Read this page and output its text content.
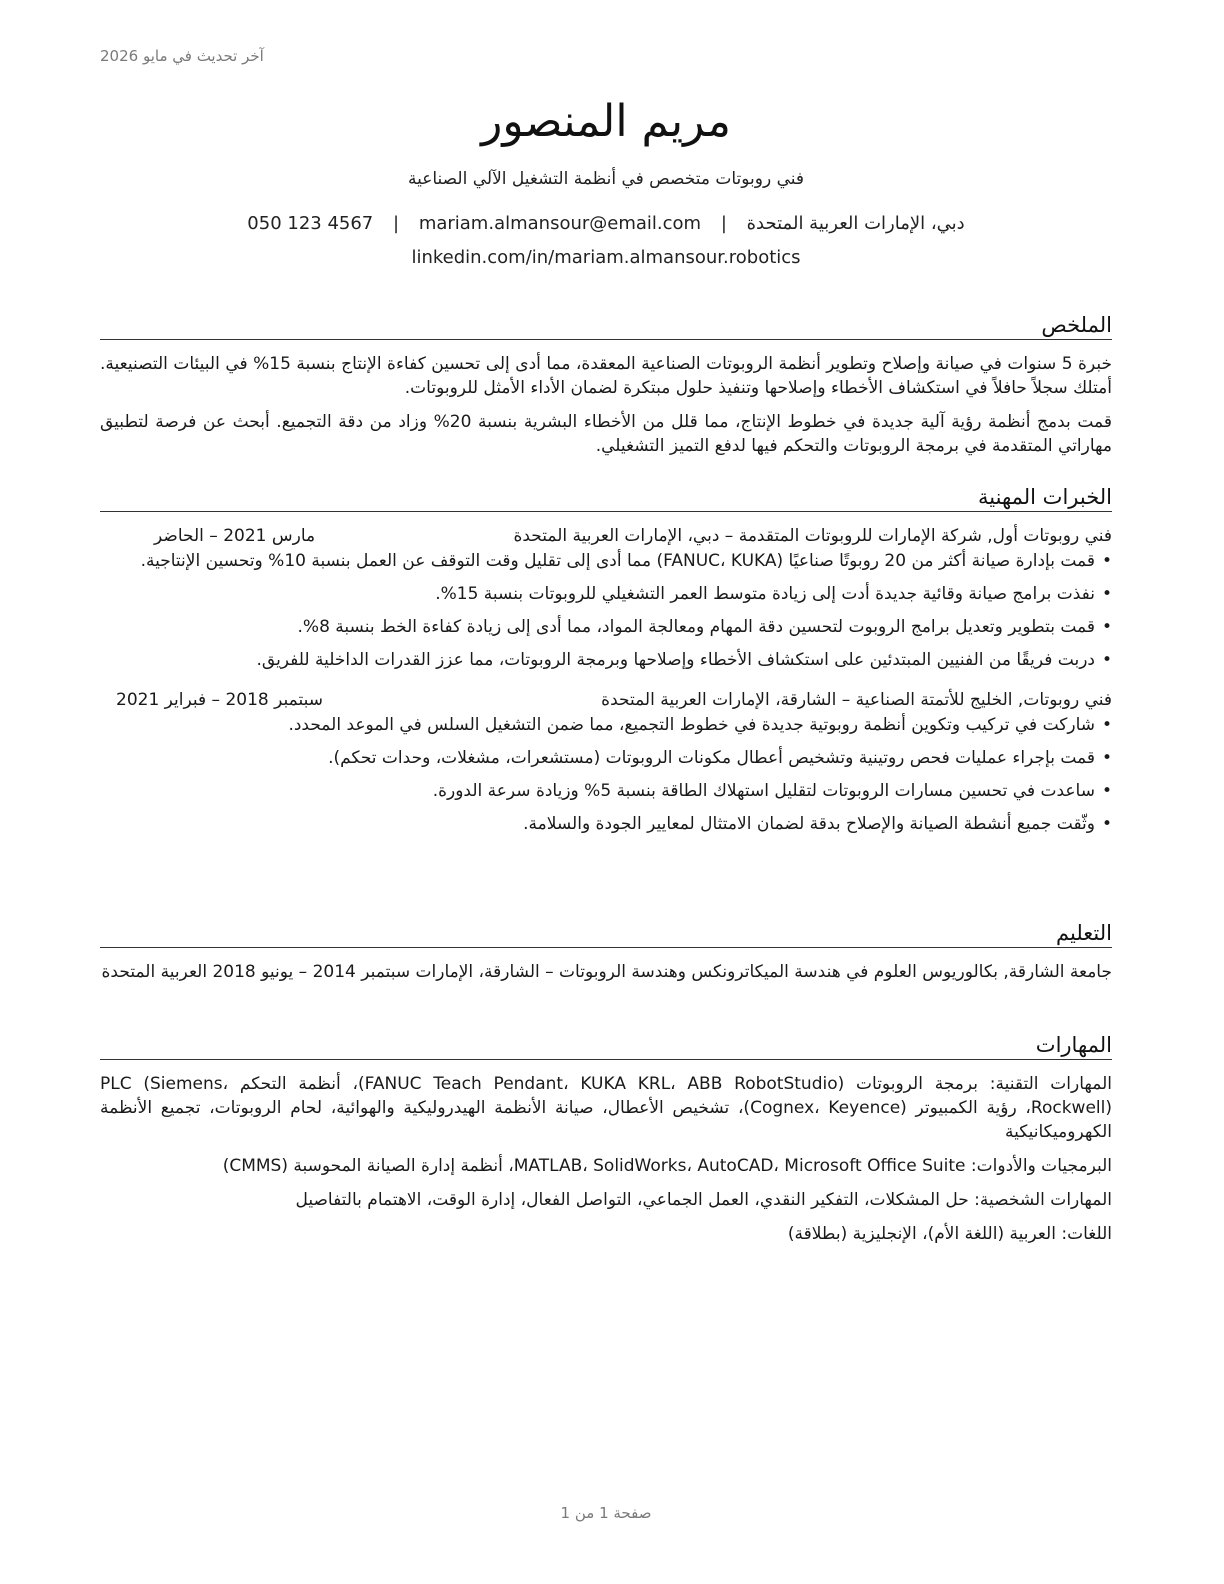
آخر تحديث في مايو 2026
مريم المنصور
فني روبوتات متخصص في أنظمة التشغيل الآلي الصناعية
دبي، الإمارات العربية المتحدة | mariam.almansour@email.com | 050 123 4567
linkedin.com/in/mariam.almansour.robotics
الملخص

خبرة 5 سنوات في صيانة وإصلاح وتطوير أنظمة الروبوتات الصناعية المعقدة، مما أدى إلى تحسين كفاءة الإنتاج بنسبة 15% في البيئات التصنيعية. أمتلك سجلاً حافلاً في استكشاف الأخطاء وإصلاحها وتنفيذ حلول مبتكرة لضمان الأداء الأمثل للروبوتات.

قمت بدمج أنظمة رؤية آلية جديدة في خطوط الإنتاج، مما قلل من الأخطاء البشرية بنسبة 20% وزاد من دقة التجميع. أبحث عن فرصة لتطبيق مهاراتي المتقدمة في برمجة الروبوتات والتحكم فيها لدفع التميز التشغيلي.

الخبرات المهنية
فني روبوتات أول, شركة الإمارات للروبوتات المتقدمة – دبي، الإمارات العربية المتحدة
مارس 2021 – الحاضر
• قمت بإدارة صيانة أكثر من 20 روبوتًا صناعيًا (FANUC، KUKA) مما أدى إلى تقليل وقت التوقف عن العمل بنسبة 10% وتحسين الإنتاجية.
• نفذت برامج صيانة وقائية جديدة أدت إلى زيادة متوسط العمر التشغيلي للروبوتات بنسبة 15%.
• قمت بتطوير وتعديل برامج الروبوت لتحسين دقة المهام ومعالجة المواد، مما أدى إلى زيادة كفاءة الخط بنسبة 8%.
• دربت فريقًا من الفنيين المبتدئين على استكشاف الأخطاء وإصلاحها وبرمجة الروبوتات، مما عزز القدرات الداخلية للفريق.
فني روبوتات, الخليج للأتمتة الصناعية – الشارقة، الإمارات العربية المتحدة
سبتمبر 2018 – فبراير 2021
• شاركت في تركيب وتكوين أنظمة روبوتية جديدة في خطوط التجميع، مما ضمن التشغيل السلس في الموعد المحدد.
• قمت بإجراء عمليات فحص روتينية وتشخيص أعطال مكونات الروبوتات (مستشعرات، مشغلات، وحدات تحكم).
• ساعدت في تحسين مسارات الروبوتات لتقليل استهلاك الطاقة بنسبة 5% وزيادة سرعة الدورة.
• وثّقت جميع أنشطة الصيانة والإصلاح بدقة لضمان الامتثال لمعايير الجودة والسلامة.
التعليم

جامعة الشارقة, بكالوريوس العلوم في هندسة الميكاترونكس وهندسة الروبوتات – الشارقة، الإمارات سبتمبر 2014 – يونيو 2018 العربية المتحدة

المهارات

المهارات التقنية: برمجة الروبوتات (FANUC Teach Pendant، KUKA KRL، ABB RobotStudio)، أنظمة التحكم PLC (Siemens، Rockwell)، رؤية الكمبيوتر (Cognex، Keyence)، تشخيص الأعطال، صيانة الأنظمة الهيدروليكية والهوائية، لحام الروبوتات، تجميع الأنظمة الكهروميكانيكية

البرمجيات والأدوات: MATLAB، SolidWorks، AutoCAD، Microsoft Office Suite، أنظمة إدارة الصيانة المحوسبة (CMMS)

المهارات الشخصية: حل المشكلات، التفكير النقدي، العمل الجماعي، التواصل الفعال، إدارة الوقت، الاهتمام بالتفاصيل

اللغات: العربية (اللغة الأم)، الإنجليزية (بطلاقة)

صفحة 1 من 1
